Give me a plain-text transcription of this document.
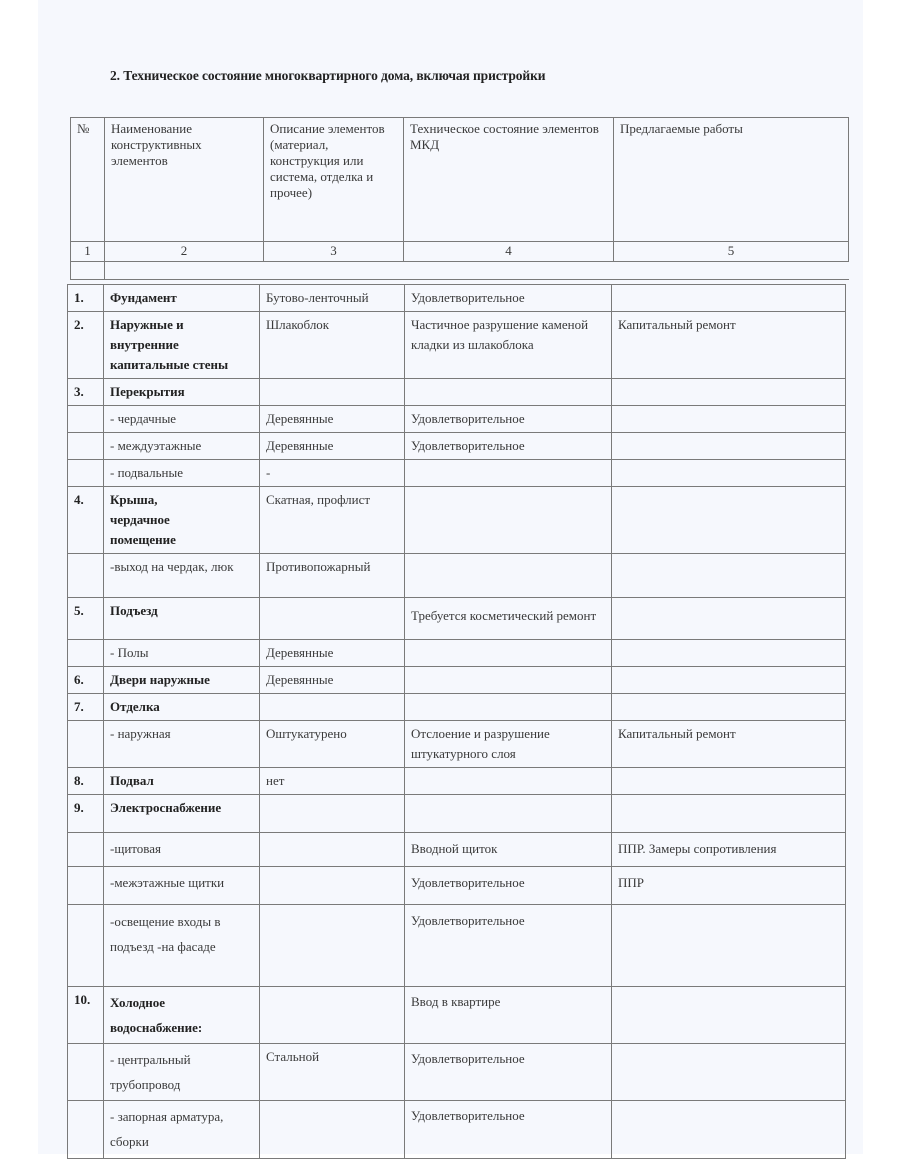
2. Техническое состояние многоквартирного дома, включая пристройки
№	Наименование конструктивных элементов	Описание элементов (материал, конструкция или система, отделка и прочее)	Техническое состояние элементов МКД	Предлагаемые работы
1	2	3	4	5

1.	Фундамент	Бутово-ленточный	Удовлетворительное	
2.	Наружные и внутренние капитальные стены	Шлакоблок	Частичное разрушение каменой кладки из шлакоблока	Капитальный ремонт
3.	Перекрытия			
	- чердачные	Деревянные	Удовлетворительное	
	- междуэтажные	Деревянные	Удовлетворительное	
	- подвальные	-		
4.	Крыша, чердачное помещение	Скатная, профлист		
	-выход на чердак, люк	Противопожарный		
5.	Подъезд		Требуется косметический ремонт	
	- Полы	Деревянные		
6.	Двери наружные	Деревянные		
7.	Отделка			
	- наружная	Оштукатурено	Отслоение и разрушение штукатурного слоя	Капитальный ремонт
8.	Подвал	нет		
9.	Электроснабжение			
	-щитовая		Вводной щиток	ППР. Замеры сопротивления
	-межэтажные щитки		Удовлетворительное	ППР
	-освещение входы в подъезд -на фасаде		Удовлетворительное	
10.	Холодное водоснабжение:		Ввод в квартире	
	- центральный трубопровод	Стальной	Удовлетворительное	
	- запорная арматура, сборки		Удовлетворительное	
